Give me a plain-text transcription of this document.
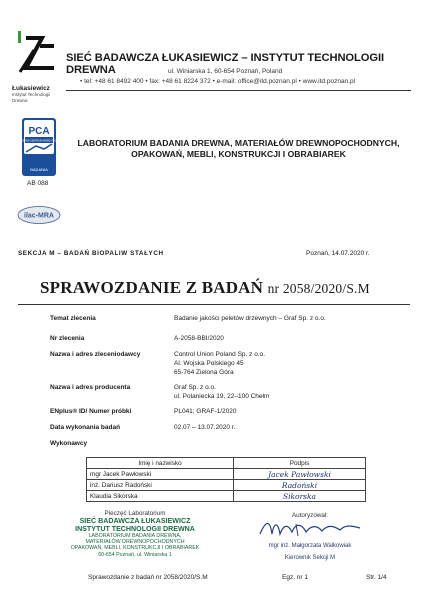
Łukasiewicz
Instytut Technologii Drewna
SIEĆ BADAWCZA ŁUKASIEWICZ – INSTYTUT TECHNOLOGII DREWNA	ul. Winiarska 1, 60-654 Poznań, Poland
• tel: +48 61 8492 400 • fax: +48 61 8224 372 • e-mail: office@itd.poznan.pl • www.itd.poznan.pl
PCA
POLSKIE CENTRUM AKREDYTACJI
BADANIA
AB 088
ilac-MRA
LABORATORIUM BADANIA DREWNA, MATERIAŁÓW DREWNOPOCHODNYCH,
OPAKOWAŃ, MEBLI, KONSTRUKCJI I OBRABIAREK
SEKCJA M – BADAŃ BIOPALIW STAŁYCH	Poznań, 14.07.2020 r.
SPRAWOZDANIE Z BADAŃ nr 2058/2020/S.M
Temat zlecenia	Badanie jakości peletów drzewnych – Graf Sp. z o.o.
Nr zlecenia	A-2058-BBI/2020
Nazwa i adres zleceniodawcy	Control Union Poland Sp. z o.o.
Al. Wojska Polskiego 45
65-764 Zielona Góra
Nazwa i adres producenta	Graf Sp. z o.o.
ul. Polaniecka 19, 22–100 Chełm
ENplus® ID/ Numer próbki	PL041; GRAF-1/2020
Data wykonania badań	02.07 – 13.07.2020 r.
Wykonawcy
Imię i nazwisko	Podpis
mgr Jacek Pawłowski	Jacek Pawłowski
inż. Dariusz Radoński	Radoński
Klaudia Sikorska	Sikorska
Pieczęć Laboratorium
SIEĆ BADAWCZA ŁUKASIEWICZ
INSTYTUT TECHNOLOGII DREWNA
LABORATORIUM BADANIA DREWNA,
MATERIAŁÓW DREWNOPOCHODNYCH
OPAKOWAŃ, MEBLI, KONSTRUKCJI I OBRABIAREK
60-654 Poznań, ul. Winiarska 1
Autoryzował:
mgr inż. Małgorzata Walkowiak
Kierownik Sekcji M
Sprawozdanie z badań nr 2058/2020/S.M	Egz. nr 1	Str. 1/4
